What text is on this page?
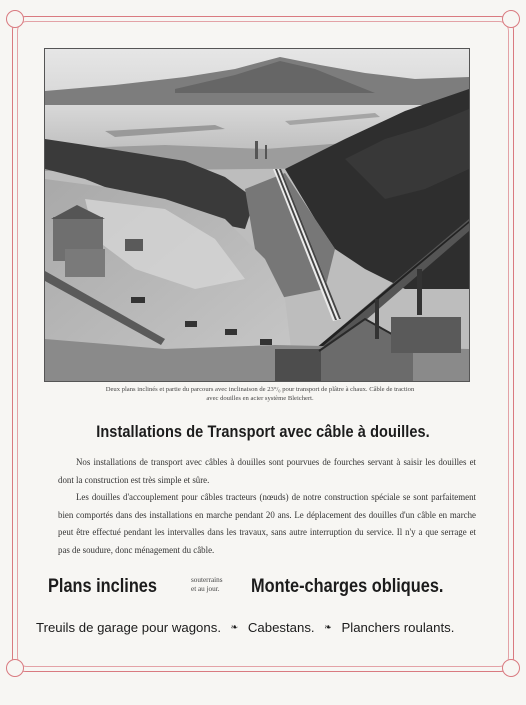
Deux plans inclinés et partie du parcours avec inclinaison de 23°/₀ pour transport de plâtre à chaux. Câble de traction
avec douilles en acier système Bleichert.
Installations de Transport avec câble à douilles.

Nos installations de transport avec câbles à douilles sont pourvues de fourches servant à saisir les douilles et dont la construction est très simple et sûre.

Les douilles d'accouplement pour câbles tracteurs (nœuds) de notre construction spéciale se sont parfaitement bien comportés dans des installations en marche pendant 20 ans. Le déplacement des douilles d'un câble en marche peut être effectué pendant les intervalles dans les travaux, sans autre interruption du service. Il n'y a que serrage et pas de soudure, donc ménagement du câble.

Plans inclines	souterrains
et au jour.	Monte-charges obliques.
Treuils de garage pour wagons. ❧ Cabestans. ❧ Planchers roulants.
